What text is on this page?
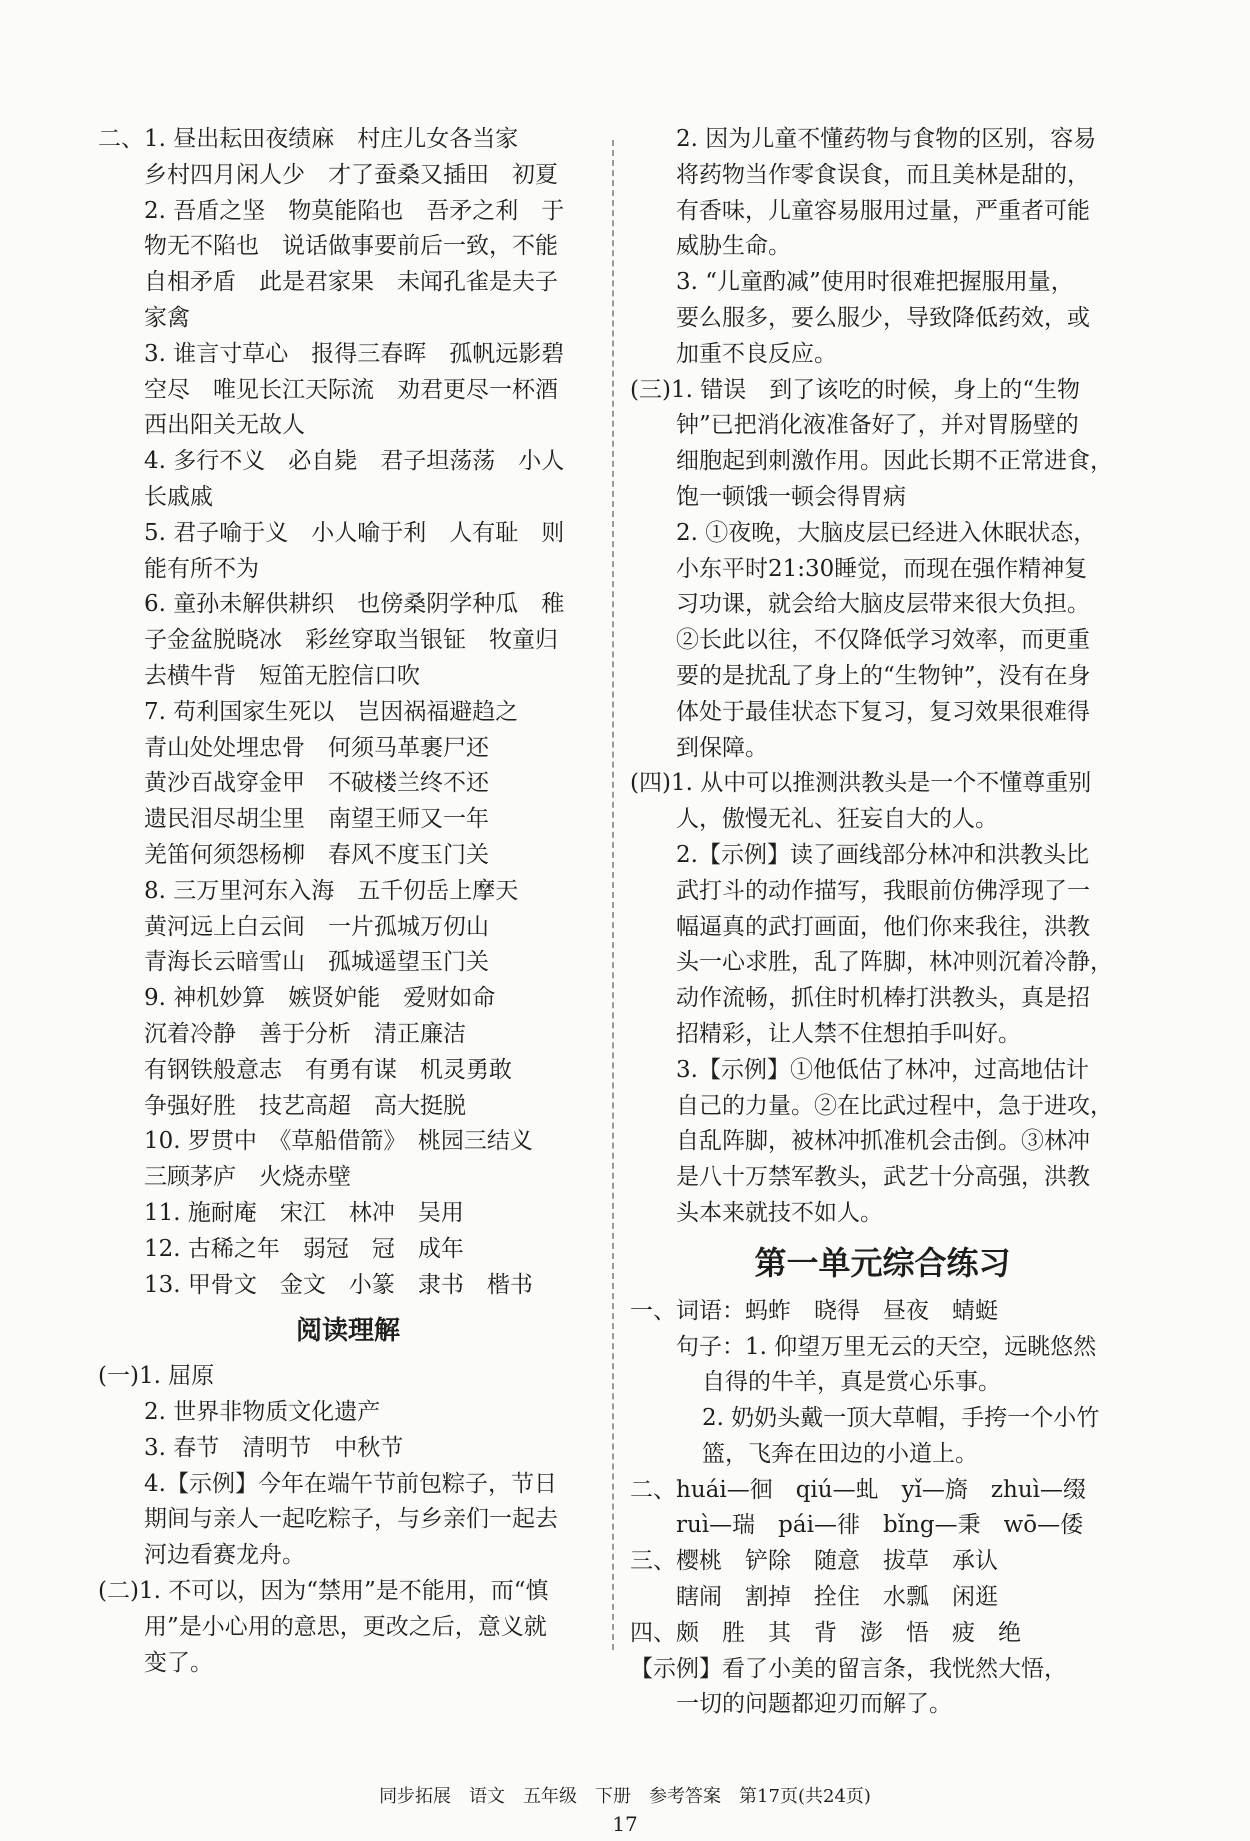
二、1. 昼出耘田夜绩麻　村庄儿女各当家
乡村四月闲人少　才了蚕桑又插田　初夏
2. 吾盾之坚　物莫能陷也　吾矛之利　于
物无不陷也　说话做事要前后一致，不能
自相矛盾　此是君家果　未闻孔雀是夫子
家禽
3. 谁言寸草心　报得三春晖　孤帆远影碧
空尽　唯见长江天际流　劝君更尽一杯酒
西出阳关无故人
4. 多行不义　必自毙　君子坦荡荡　小人
长戚戚
5. 君子喻于义　小人喻于利　人有耻　则
能有所不为
6. 童孙未解供耕织　也傍桑阴学种瓜　稚
子金盆脱晓冰　彩丝穿取当银钲　牧童归
去横牛背　短笛无腔信口吹
7. 苟利国家生死以　岂因祸福避趋之
青山处处埋忠骨　何须马革裹尸还
黄沙百战穿金甲　不破楼兰终不还
遗民泪尽胡尘里　南望王师又一年
羌笛何须怨杨柳　春风不度玉门关
8. 三万里河东入海　五千仞岳上摩天
黄河远上白云间　一片孤城万仞山
青海长云暗雪山　孤城遥望玉门关
9. 神机妙算　嫉贤妒能　爱财如命
沉着冷静　善于分析　清正廉洁
有钢铁般意志　有勇有谋　机灵勇敢
争强好胜　技艺高超　高大挺脱
10. 罗贯中　《草船借箭》　桃园三结义
三顾茅庐　火烧赤壁
11. 施耐庵　宋江　林冲　吴用
12. 古稀之年　弱冠　冠　成年
13. 甲骨文　金文　小篆　隶书　楷书
阅读理解
(一)1. 屈原
2. 世界非物质文化遗产
3. 春节　清明节　中秋节
4.【示例】今年在端午节前包粽子，节日
期间与亲人一起吃粽子，与乡亲们一起去
河边看赛龙舟。
(二)1. 不可以，因为“禁用”是不能用，而“慎
用”是小心用的意思，更改之后，意义就
变了。
2. 因为儿童不懂药物与食物的区别，容易
将药物当作零食误食，而且美林是甜的，
有香味，儿童容易服用过量，严重者可能
威胁生命。
3. “儿童酌减”使用时很难把握服用量，
要么服多，要么服少，导致降低药效，或
加重不良反应。
(三)1. 错误　到了该吃的时候，身上的“生物
钟”已把消化液准备好了，并对胃肠壁的
细胞起到刺激作用。因此长期不正常进食，
饱一顿饿一顿会得胃病
2. ①夜晚，大脑皮层已经进入休眠状态，
小东平时21:30睡觉，而现在强作精神复
习功课，就会给大脑皮层带来很大负担。
②长此以往，不仅降低学习效率，而更重
要的是扰乱了身上的“生物钟”，没有在身
体处于最佳状态下复习，复习效果很难得
到保障。
(四)1. 从中可以推测洪教头是一个不懂尊重别
人，傲慢无礼、狂妄自大的人。
2.【示例】读了画线部分林冲和洪教头比
武打斗的动作描写，我眼前仿佛浮现了一
幅逼真的武打画面，他们你来我往，洪教
头一心求胜，乱了阵脚，林冲则沉着冷静，
动作流畅，抓住时机棒打洪教头，真是招
招精彩，让人禁不住想拍手叫好。
3.【示例】①他低估了林冲，过高地估计
自己的力量。②在比武过程中，急于进攻，
自乱阵脚，被林冲抓准机会击倒。③林冲
是八十万禁军教头，武艺十分高强，洪教
头本来就技不如人。
第一单元综合练习
一、词语：蚂蚱　晓得　昼夜　蜻蜓
句子：1. 仰望万里无云的天空，远眺悠然
自得的牛羊，真是赏心乐事。
2. 奶奶头戴一顶大草帽，手挎一个小竹
篮，飞奔在田边的小道上。
二、huái—徊　qiú—虬　yǐ—旖　zhuì—缀
ruì—瑞　pái—徘　bǐng—秉　wō—倭
三、樱桃　铲除　随意　拔草　承认
瞎闹　割掉　拴住　水瓢　闲逛
四、颇　胜　其　背　澎　悟　疲　绝
【示例】看了小美的留言条，我恍然大悟，
一切的问题都迎刃而解了。
同步拓展　语文　五年级　下册　参考答案　第17页(共24页)
17
